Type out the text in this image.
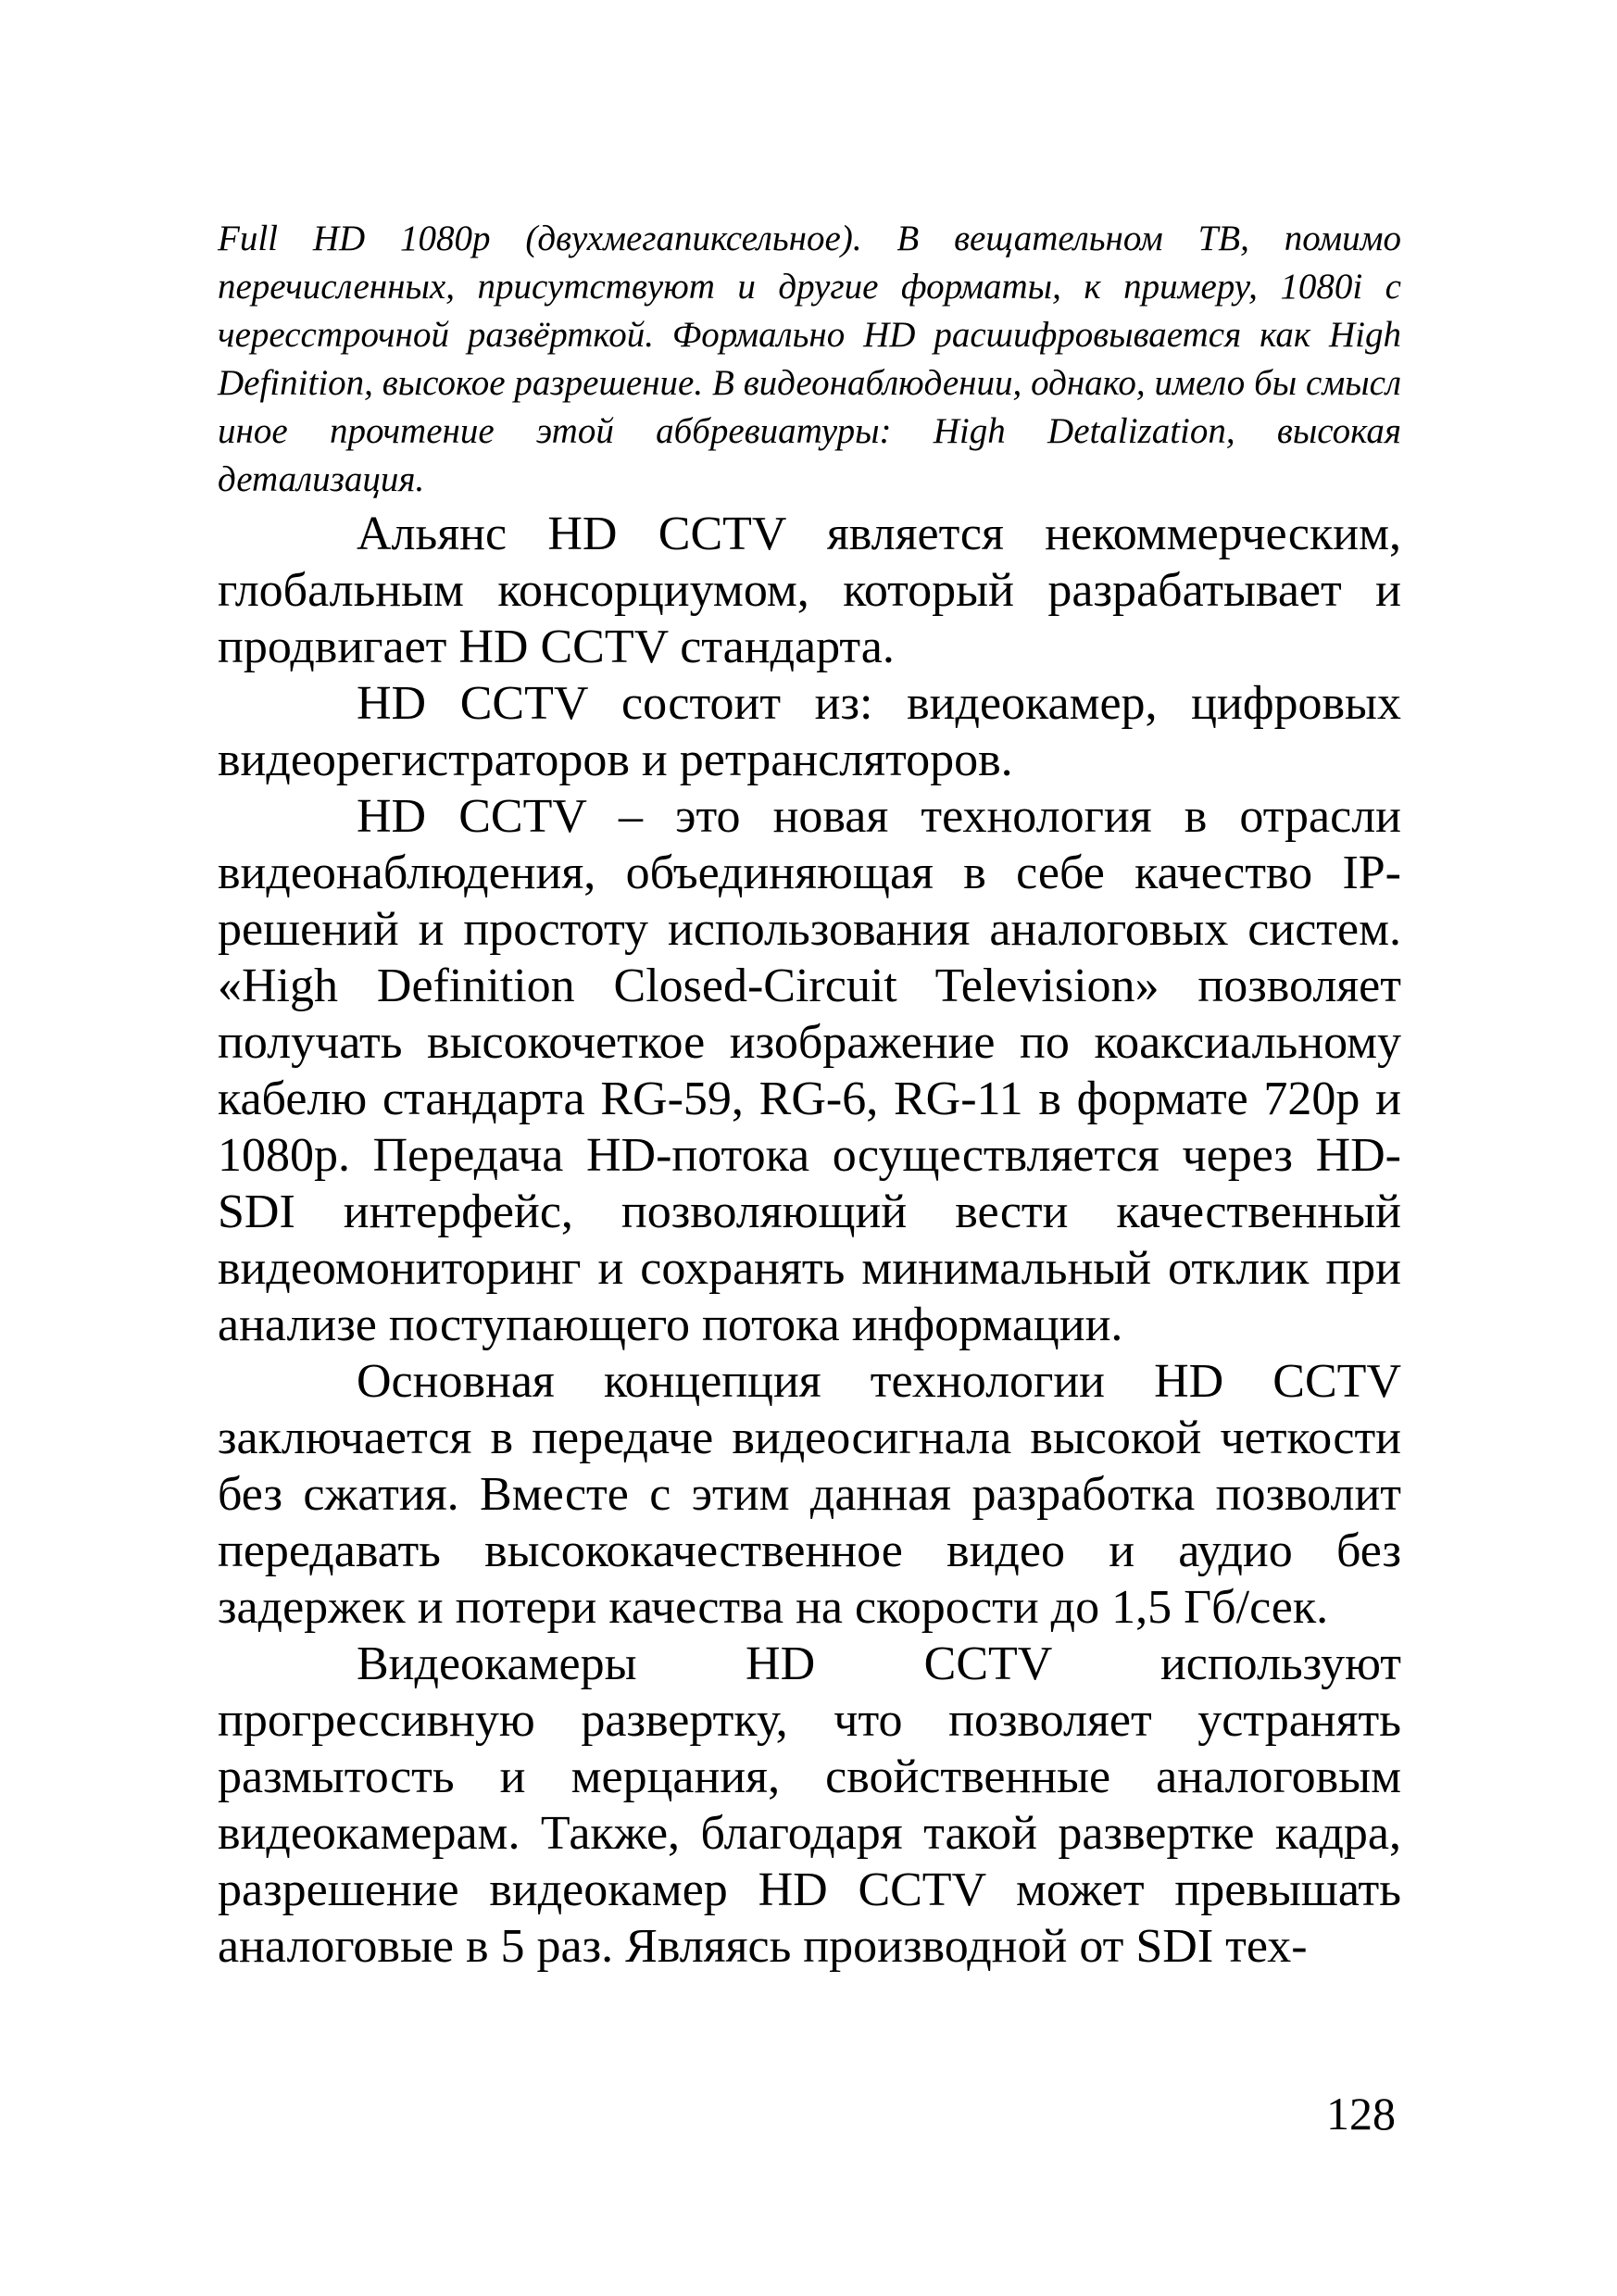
Full HD 1080p (двухмегапиксельное). В вещательном ТВ, помимо перечисленных, присутствуют и другие форматы, к примеру, 1080i с чересстрочной развёрткой. Формально HD расшифровывается как High Definition, высокое разрешение. В видеонаблюдении, однако, имело бы смысл иное прочтение этой аббревиатуры: High Detalization, высокая детализация.

Альянс HD CCTV является некоммерческим, глобальным консорциумом, который разрабатывает и продвигает HD CCTV стандарта.

HD CCTV состоит из: видеокамер, цифровых видеорегистраторов и ретрансляторов.

HD CCTV – это новая технология в отрасли видеонаблюдения, объединяющая в себе качество IP-решений и простоту использования аналоговых систем. «High Definition Closed-Circuit Television» позволяет получать высокочеткое изображение по коаксиальному кабелю стандарта RG-59, RG-6, RG-11 в формате 720p и 1080p. Передача HD-потока осуществляется через HD-SDI интерфейс, позволяющий вести качественный видеомониторинг и сохранять минимальный отклик при анализе поступающего потока информации.

Основная концепция технологии HD CCTV заключается в передаче видеосигнала высокой четкости без сжатия. Вместе с этим данная разработка позволит передавать высококачественное видео и аудио без задержек и потери качества на скорости до 1,5 Гб/сек.

Видеокамеры HD CCTV используют прогрессивную развертку, что позволяет устранять размытость и мерцания, свойственные аналоговым видеокамерам. Также, благодаря такой развертке кадра, разрешение видеокамер HD CCTV может превышать аналоговые в 5 раз. Являясь производной от SDI тех-

128
